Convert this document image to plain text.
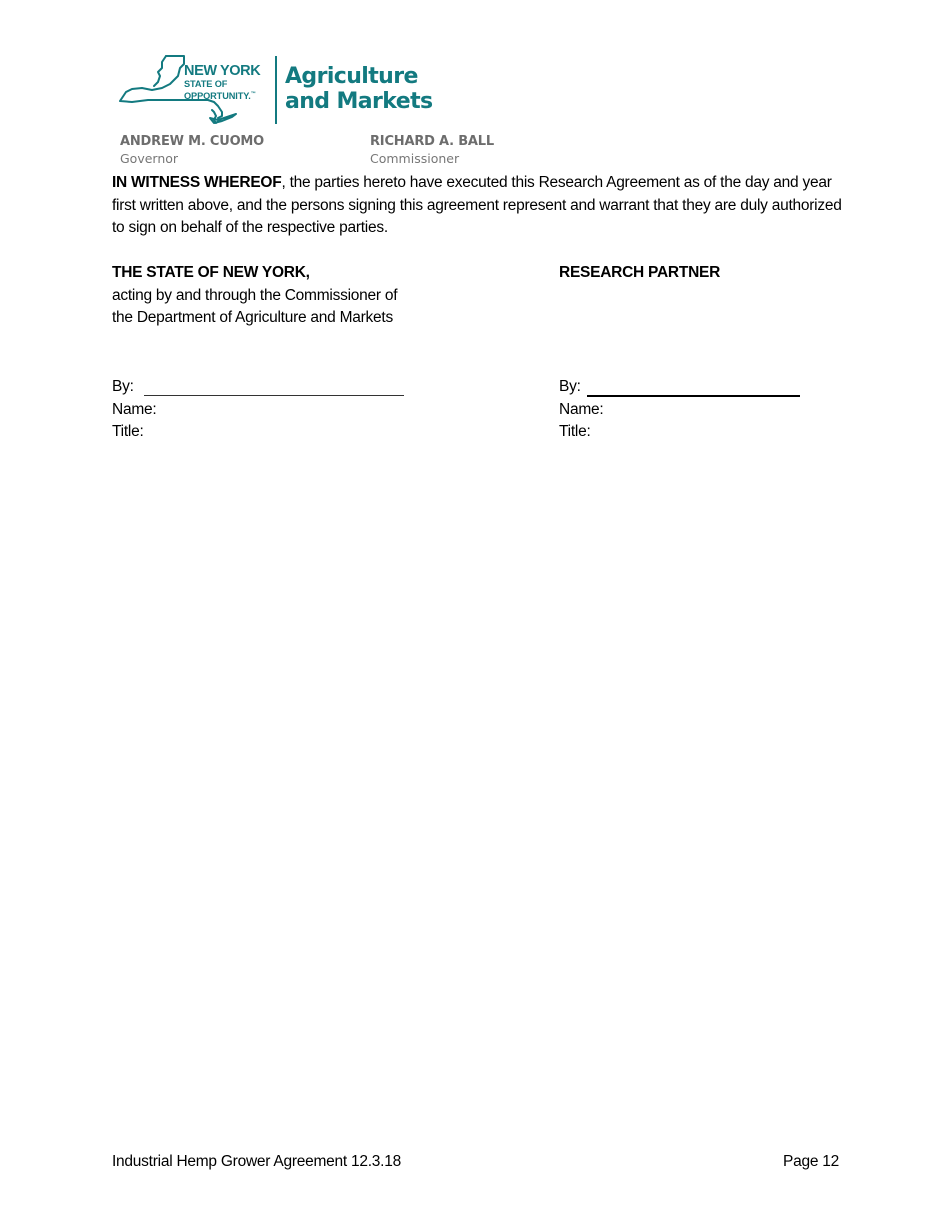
NEW YORK
STATE OF
OPPORTUNITY.™
Agriculture
and Markets
ANDREW M. CUOMO
Governor
RICHARD A. BALL
Commissioner

IN WITNESS WHEREOF, the parties hereto have executed this Research Agreement as of the day and year first written above, and the persons signing this agreement represent and warrant that they are duly authorized to sign on behalf of the respective parties.

THE STATE OF NEW YORK,
acting by and through the Commissioner of
the Department of Agriculture and Markets
RESEARCH PARTNER
By:
Name:
Title:
By:
Name:
Title:
Industrial Hemp Grower Agreement 12.3.18	Page 12
